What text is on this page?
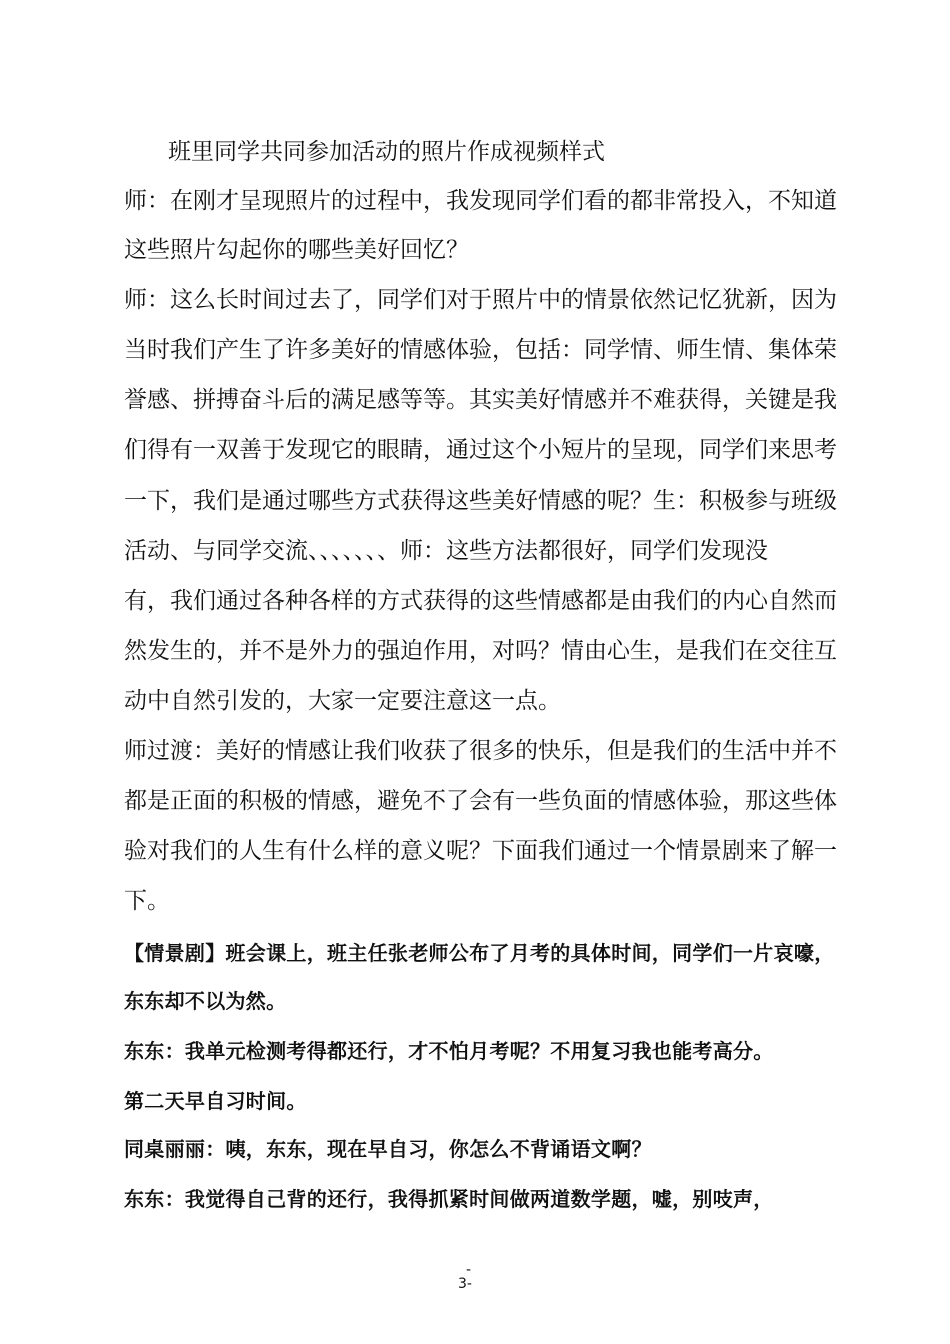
班里同学共同参加活动的照片作成视频样式
师：在刚才呈现照片的过程中，我发现同学们看的都非常投入，不知道
这些照片勾起你的哪些美好回忆？
师：这么长时间过去了，同学们对于照片中的情景依然记忆犹新，因为
当时我们产生了许多美好的情感体验，包括：同学情、师生情、集体荣
誉感、拼搏奋斗后的满足感等等。其实美好情感并不难获得，关键是我
们得有一双善于发现它的眼睛，通过这个小短片的呈现，同学们来思考
一下，我们是通过哪些方式获得这些美好情感的呢？生：积极参与班级
活动、与同学交流、、、、、、、师：这些方法都很好，同学们发现没
有，我们通过各种各样的方式获得的这些情感都是由我们的内心自然而
然发生的，并不是外力的强迫作用，对吗？情由心生，是我们在交往互
动中自然引发的，大家一定要注意这一点。
师过渡：美好的情感让我们收获了很多的快乐，但是我们的生活中并不
都是正面的积极的情感，避免不了会有一些负面的情感体验，那这些体
验对我们的人生有什么样的意义呢？下面我们通过一个情景剧来了解一
下。
【情景剧】班会课上，班主任张老师公布了月考的具体时间，同学们一片哀嚎，
东东却不以为然。
东东：我单元检测考得都还行，才不怕月考呢？不用复习我也能考高分。
第二天早自习时间。
同桌丽丽：咦，东东，现在早自习，你怎么不背诵语文啊？
东东：我觉得自己背的还行，我得抓紧时间做两道数学题，嘘，别吱声，
-
3-
